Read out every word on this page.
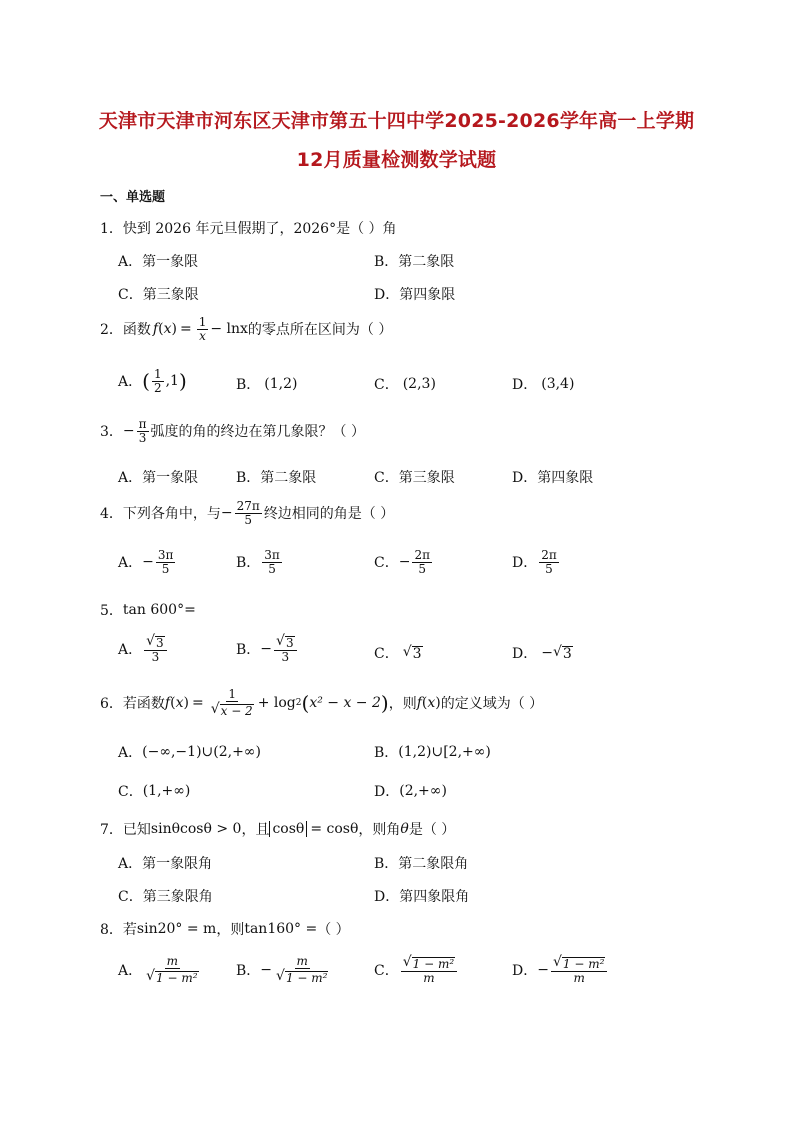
天津市天津市河东区天津市第五十四中学2025-2026学年高一上学期
12月质量检测数学试题
一、单选题
1． 快到 2026 年元旦假期了，2026°是（ ）角
A．第一象限	B．第二象限
C．第三象限	D．第四象限
2． 函数 f ( x ) = $\frac{1}{x} - \ln x$ 的零点所在区间为（ ）
A． ( $\frac{1}{2} ,1$ )	B． (1,2)	C． (2,3)	D． (3,4)
3． − $\frac{\pi}{3}$ 弧度的角的终边在第几象限？（ ）
A．第一象限	B．第二象限	C．第三象限	D．第四象限
4． 下列各角中，与 − $\frac{27\pi}{5}$ 终边相同的角是（ ）
A． − $\frac{3\pi}{5}$	B． $\frac{3\pi}{5}$	C． − $\frac{2\pi}{5}$	D． $\frac{2\pi}{5}$
5． tan 600°=
A． $\frac{√ 3}{3}$	B． − $\frac{√ 3}{3}$	C． √ 3	D． − √ 3
6． 若函数 f ( x ) = $\frac{1}{√ x - 2} + \log 2$ ( x² − x − 2 ) ，则 f ( x ) 的定义域为（ ）
A． (−∞,−1)∪(2,+∞)	B． (1,2)∪[2,+∞)
C． (1,+∞)	D． (2,+∞)
7． 已知 sinθcosθ > 0 ，且 cosθ = cosθ ，则角 θ 是（ ）
A．第一象限角	B．第二象限角
C．第三象限角	D．第四象限角
8． 若 sin20° = m ，则 tan160° = （ ）
A． $\frac{m}{\text{√ 1 − m²}}$	B． − $\frac{m}{\text{√ 1 − m²}}$	C． $\frac{\text{√ 1 − m²}}{m}$	D． − $\frac{\text{√ 1 − m²}}{m}$
